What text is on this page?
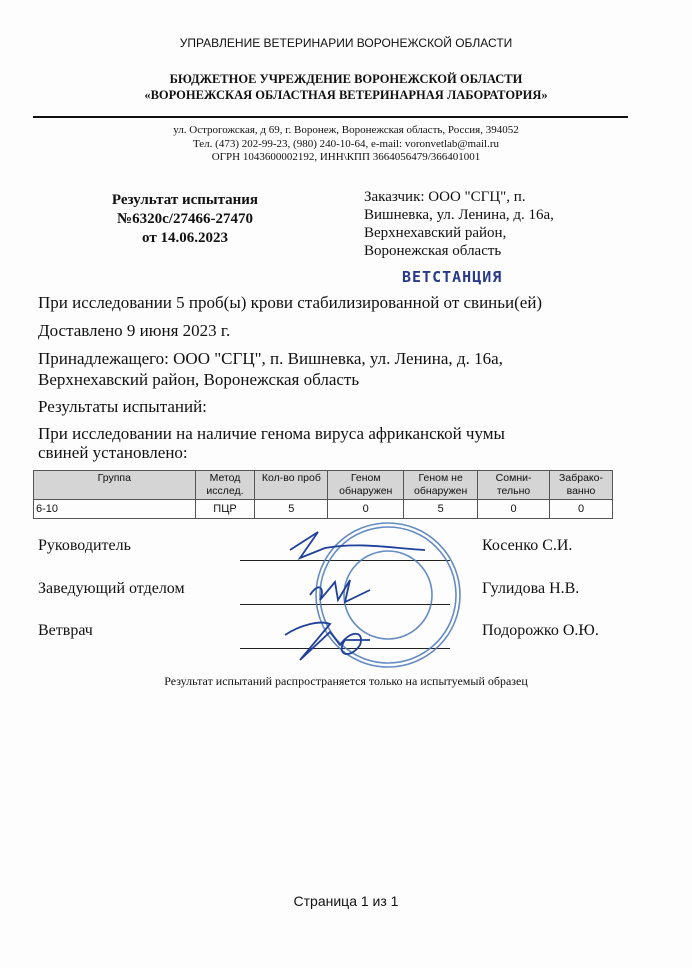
УПРАВЛЕНИЕ ВЕТЕРИНАРИИ ВОРОНЕЖСКОЙ ОБЛАСТИ
БЮДЖЕТНОЕ УЧРЕЖДЕНИЕ ВОРОНЕЖСКОЙ ОБЛАСТИ
«ВОРОНЕЖСКАЯ ОБЛАСТНАЯ ВЕТЕРИНАРНАЯ ЛАБОРАТОРИЯ»
ул. Острогожская, д 69, г. Воронеж, Воронежская область, Россия, 394052
Тел. (473) 202-99-23, (980) 240-10-64, e-mail: voronvetlab@mail.ru
ОГРН 1043600002192, ИНН\КПП 3664056479/366401001
Результат испытания
№6320с/27466-27470
от 14.06.2023
Заказчик: ООО "СГЦ", п.
Вишневка, ул. Ленина, д. 16а,
Верхнехавский район,
Воронежская область
ВЕТСТАНЦИЯ
При исследовании 5 проб(ы) крови стабилизированной от свиньи(ей)
Доставлено 9 июня 2023 г.
Принадлежащего: ООО "СГЦ", п. Вишневка, ул. Ленина, д. 16а,
Верхнехавский район, Воронежская область
Результаты испытаний:
При исследовании на наличие генома вируса африканской чумы
свиней установлено:
Группа	Метод исслед.	Кол-во проб	Геном обнаружен	Геном не обнаружен	Сомни-тельно	Забрако-ванно
6-10	ПЦР	5	0	5	0	0
Руководитель	Косенко С.И.
Заведующий отделом	Гулидова Н.В.
Ветврач	Подорожко О.Ю.
Результат испытаний распространяется только на испытуемый образец
Страница 1 из 1
